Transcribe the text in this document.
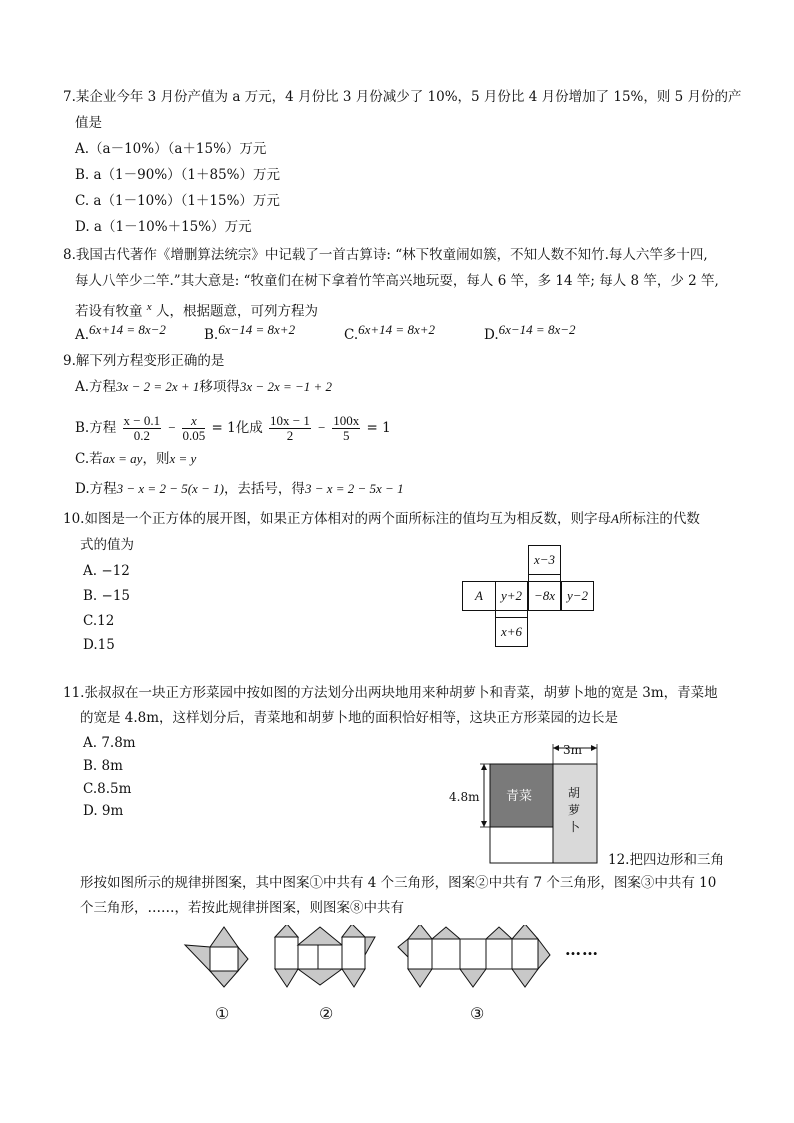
7.某企业今年 3 月份产值为 a 万元，4 月份比 3 月份减少了 10%，5 月份比 4 月份增加了 15%，则 5 月份的产
值是
A.（a－10%）（a＋15%）万元
B. a（1－90%）（1＋85%）万元
C. a（1－10%）（1＋15%）万元
D. a（1－10%＋15%）万元
8.我国古代著作《增删算法统宗》中记载了一首古算诗: “林下牧童闹如簇，不知人数不知竹.每人六竿多十四,
每人八竿少二竿.”其大意是: “牧童们在树下拿着竹竿高兴地玩耍，每人 6 竿，多 14 竿; 每人 8 竿，少 2 竿,
若设有牧童 $^x$ 人，根据题意，可列方程为
A.6x+14 = 8x−2	B.6x−14 = 8x+2	C.6x+14 = 8x+2	D.6x−14 = 8x−2
9.解下列方程变形正确的是
A.方程3x − 2 = 2x + 1移项得3x − 2x = −1 + 2
B.方程 $\frac{x - 0.1}{0.2} - \frac{x}{0.05} = 1$化成 $\frac{10x - 1}{2} - \frac{100x}{5} = 1$
C.若ax = ay，则x = y
D.方程3 − x = 2 − 5(x − 1)，去括号，得3 − x = 2 − 5x − 1
10.如图是一个正方体的展开图，如果正方体相对的两个面所标注的值均互为相反数，则字母A所标注的代数
式的值为
A. −12
B. −15
C.12
D.15
x−3
A	y+2 −8x y−2
x+6
11.张叔叔在一块正方形菜园中按如图的方法划分出两块地用来种胡萝卜和青菜，胡萝卜地的宽是 3m，青菜地
的宽是 4.8m，这样划分后，青菜地和胡萝卜地的面积恰好相等，这块正方形菜园的边长是
A. 7.8m
B. 8m
C.8.5m
D. 9m
3m
4.8m 青菜	胡
萝
卜
12.把四边形和三角
形按如图所示的规律拼图案，其中图案①中共有 4 个三角形，图案②中共有 7 个三角形，图案③中共有 10
个三角形，……，若按此规律拼图案，则图案⑧中共有
……
①	②	③
